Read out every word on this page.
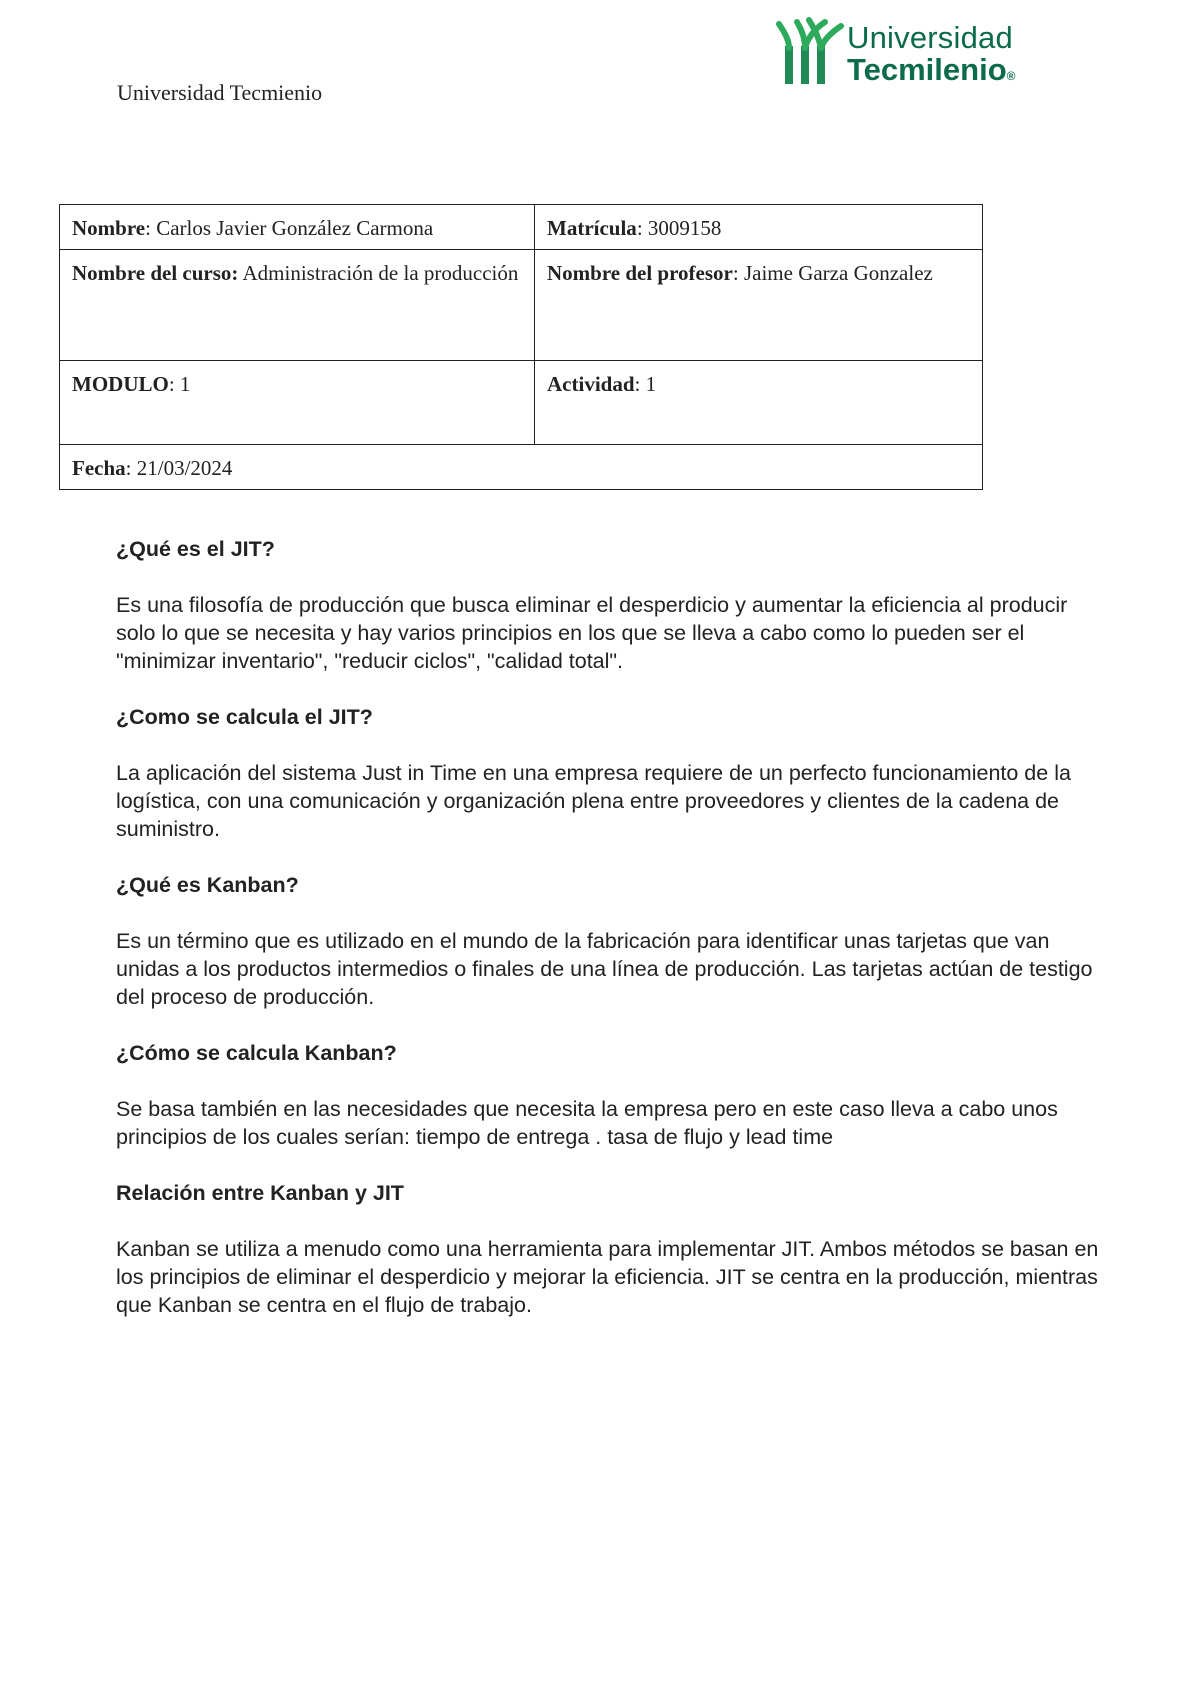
Universidad Tecmienio
Universidad
Tecmilenio®
Nombre: Carlos Javier González Carmona	Matrícula: 3009158
Nombre del curso: Administración de la producción	Nombre del profesor: Jaime Garza Gonzalez
MODULO: 1	Actividad: 1
Fecha: 21/03/2024	

¿Qué es el JIT?

Es una filosofía de producción que busca eliminar el desperdicio y aumentar la eficiencia al producir solo lo que se necesita y hay varios principios en los que se lleva a cabo como lo pueden ser el "minimizar inventario", "reducir ciclos", "calidad total".

¿Como se calcula el JIT?

La aplicación del sistema Just in Time en una empresa requiere de un perfecto funcionamiento de la logística, con una comunicación y organización plena entre proveedores y clientes de la cadena de suministro.

¿Qué es Kanban?

Es un término que es utilizado en el mundo de la fabricación para identificar unas tarjetas que van unidas a los productos intermedios o finales de una línea de producción. Las tarjetas actúan de testigo del proceso de producción.

¿Cómo se calcula Kanban?

Se basa también en las necesidades que necesita la empresa pero en este caso lleva a cabo unos principios de los cuales serían: tiempo de entrega . tasa de flujo y lead time

Relación entre Kanban y JIT

Kanban se utiliza a menudo como una herramienta para implementar JIT. Ambos métodos se basan en los principios de eliminar el desperdicio y mejorar la eficiencia. JIT se centra en la producción, mientras que Kanban se centra en el flujo de trabajo.
